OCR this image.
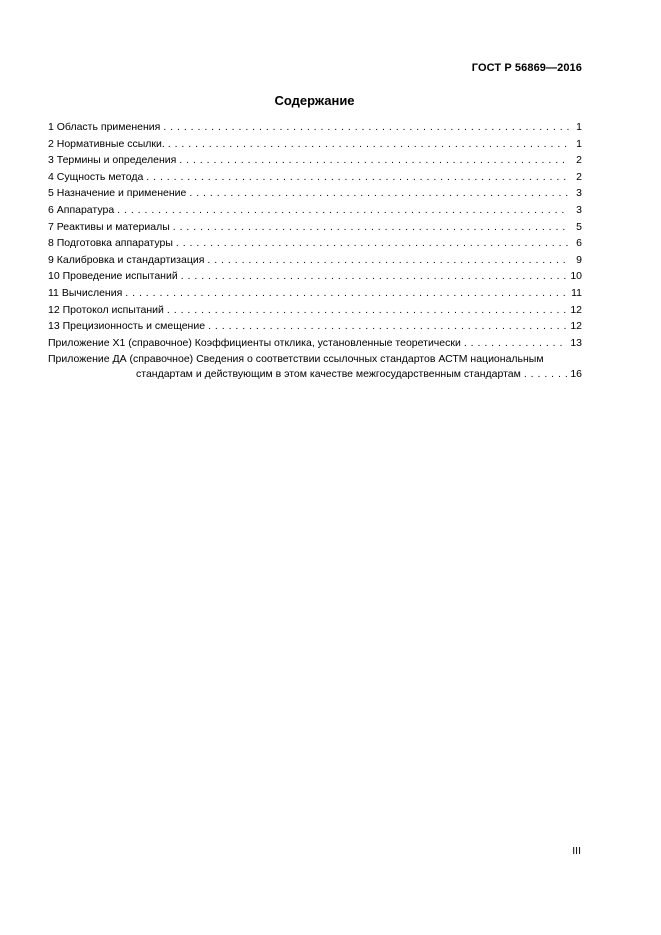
ГОСТ Р 56869—2016
Содержание
1 Область применения . . .	1
2 Нормативные ссылки. . . .	1
3 Термины и определения . . .	2
4 Сущность метода . . .	2
5 Назначение и применение . . .	3
6 Аппаратура . . .	3
7 Реактивы и материалы . . .	5
8 Подготовка аппаратуры . . .	6
9 Калибровка и стандартизация . . .	9
10 Проведение испытаний . . .	10
11 Вычисления . . .	11
12 Протокол испытаний . . .	12
13 Прецизионность и смещение . . .	12
Приложение Х1 (справочное) Коэффициенты отклика, установленные теоретически . . .	13
Приложение ДА (справочное) Сведения о соответствии ссылочных стандартов АСТМ национальным
стандартам и действующим в этом качестве межгосударственным стандартам . . .	16
III
